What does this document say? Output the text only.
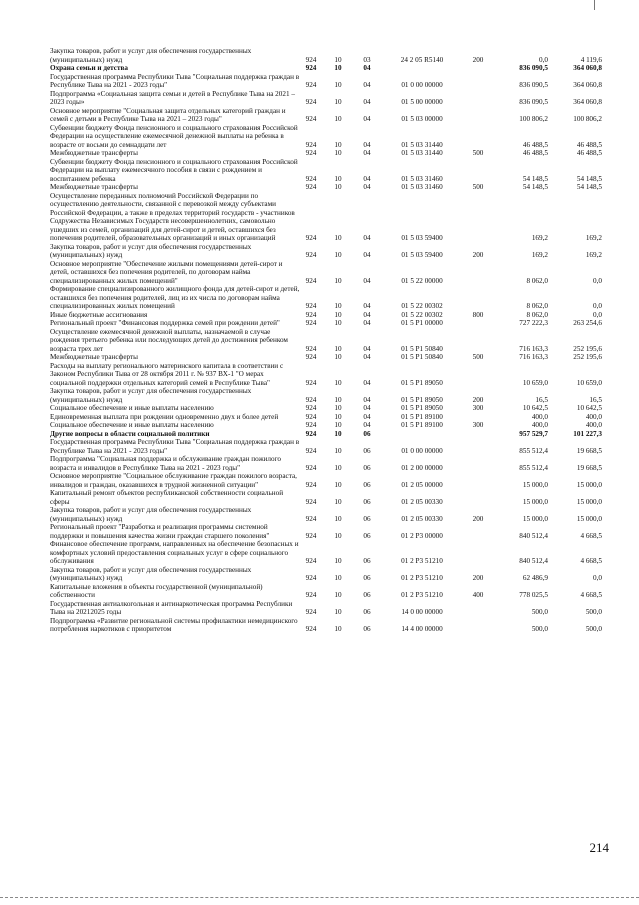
Закупка товаров, работ и услуг для обеспечения государственных (муниципальных) нужд	924	10	03	24 2 05 R5140	200	0,0	4 119,6
Охрана семьи и детства	924	10	04			836 090,5	364 060,8
Государственная программа Республики Тыва "Социальная поддержка граждан в Республике Тыва на 2021 - 2023 годы"	924	10	04	01 0 00 00000		836 090,5	364 060,8
Подпрограмма «Социальная защита семьи и детей в Республике Тыва на 2021 – 2023 годы»	924	10	04	01 5 00 00000		836 090,5	364 060,8
Основное мероприятие "Социальная защита отдельных категорий граждан и семей с детьми в Республике Тыва на 2021 – 2023 годы"	924	10	04	01 5 03 00000		100 806,2	100 806,2
Субвенции бюджету Фонда пенсионного и социального страхования Российской Федерации на осуществление ежемесячной денежной выплаты на ребенка в возрасте от восьми до семнадцати лет	924	10	04	01 5 03 31440		46 488,5	46 488,5
Межбюджетные трансферты	924	10	04	01 5 03 31440	500	46 488,5	46 488,5
Субвенции бюджету Фонда пенсионного и социального страхования Российской Федерации на выплату ежемесячного пособия в связи с рождением и воспитанием ребенка	924	10	04	01 5 03 31460		54 148,5	54 148,5
Межбюджетные трансферты	924	10	04	01 5 03 31460	500	54 148,5	54 148,5
Осуществление переданных полномочий Российской Федерации по осуществлению деятельности, связанной с перевозкой между субъектами Российской Федерации, а также в пределах территорий государств - участников Содружества Независимых Государств несовершеннолетних, самовольно ушедших из семей, организаций для детей-сирот и детей, оставшихся без попечения родителей, образовательных организаций и иных организаций	924	10	04	01 5 03 59400		169,2	169,2
Закупка товаров, работ и услуг для обеспечения государственных (муниципальных) нужд	924	10	04	01 5 03 59400	200	169,2	169,2
Основное мероприятие "Обеспечение жилыми помещениями детей-сирот и детей, оставшихся без попечения родителей, по договорам найма специализированных жилых помещений"	924	10	04	01 5 22 00000		8 062,0	0,0
Формирование специализированного жилищного фонда для детей-сирот и детей, оставшихся без попечения родителей, лиц из их числа по договорам найма специализированных жилых помещений	924	10	04	01 5 22 00302		8 062,0	0,0
Иные бюджетные ассигнования	924	10	04	01 5 22 00302	800	8 062,0	0,0
Региональный проект "Финансовая поддержка семей при рождении детей"	924	10	04	01 5 P1 00000		727 222,3	263 254,6
Осуществление ежемесячной денежной выплаты, назначаемой в случае рождения третьего ребенка или последующих детей до достижения ребенком возраста трех лет	924	10	04	01 5 P1 50840		716 163,3	252 195,6
Межбюджетные трансферты	924	10	04	01 5 P1 50840	500	716 163,3	252 195,6
Расходы на выплату регионального материнского капитала в соответствии с Законом Республики Тыва от 28 октября 2011 г. № 937 ВХ-1 "О мерах социальной поддержки отдельных категорий семей в Республике Тыва"	924	10	04	01 5 P1 89050		10 659,0	10 659,0
Закупка товаров, работ и услуг для обеспечения государственных (муниципальных) нужд	924	10	04	01 5 P1 89050	200	16,5	16,5
Социальное обеспечение и иные выплаты населению	924	10	04	01 5 P1 89050	300	10 642,5	10 642,5
Единовременная выплата при рождении одновременно двух и более детей	924	10	04	01 5 P1 89100		400,0	400,0
Социальное обеспечение и иные выплаты населению	924	10	04	01 5 P1 89100	300	400,0	400,0
Другие вопросы в области социальной политики	924	10	06			957 529,7	101 227,3
Государственная программа Республики Тыва "Социальная поддержка граждан в Республике Тыва на 2021 - 2023 годы"	924	10	06	01 0 00 00000		855 512,4	19 668,5
Подпрограмма "Социальная поддержка и обслуживание граждан пожилого возраста и инвалидов в Республике Тыва на 2021 - 2023 годы"	924	10	06	01 2 00 00000		855 512,4	19 668,5
Основное мероприятие "Социальное обслуживание граждан пожилого возраста, инвалидов и граждан, оказавшихся в трудной жизненной ситуации"	924	10	06	01 2 05 00000		15 000,0	15 000,0
Капитальный ремонт объектов республиканской собственности социальной сферы	924	10	06	01 2 05 00330		15 000,0	15 000,0
Закупка товаров, работ и услуг для обеспечения государственных (муниципальных) нужд	924	10	06	01 2 05 00330	200	15 000,0	15 000,0
Региональный проект "Разработка и реализация программы системной поддержки и повышения качества жизни граждан старшего поколения"	924	10	06	01 2 P3 00000		840 512,4	4 668,5
Финансовое обеспечение программ, направленных на обеспечение безопасных и комфортных условий предоставления социальных услуг в сфере социального обслуживания	924	10	06	01 2 P3 51210		840 512,4	4 668,5
Закупка товаров, работ и услуг для обеспечения государственных (муниципальных) нужд	924	10	06	01 2 P3 51210	200	62 486,9	0,0
Капитальные вложения в объекты государственной (муниципальной) собственности	924	10	06	01 2 P3 51210	400	778 025,5	4 668,5
Государственная антиалкогольная и антинаркотическая программа Республики Тыва на 20212025 годы	924	10	06	14 0 00 00000		500,0	500,0
Подпрограмма «Развитие региональной системы профилактики немедицинского потребления наркотиков с приоритетом	924	10	06	14 4 00 00000		500,0	500,0
214
